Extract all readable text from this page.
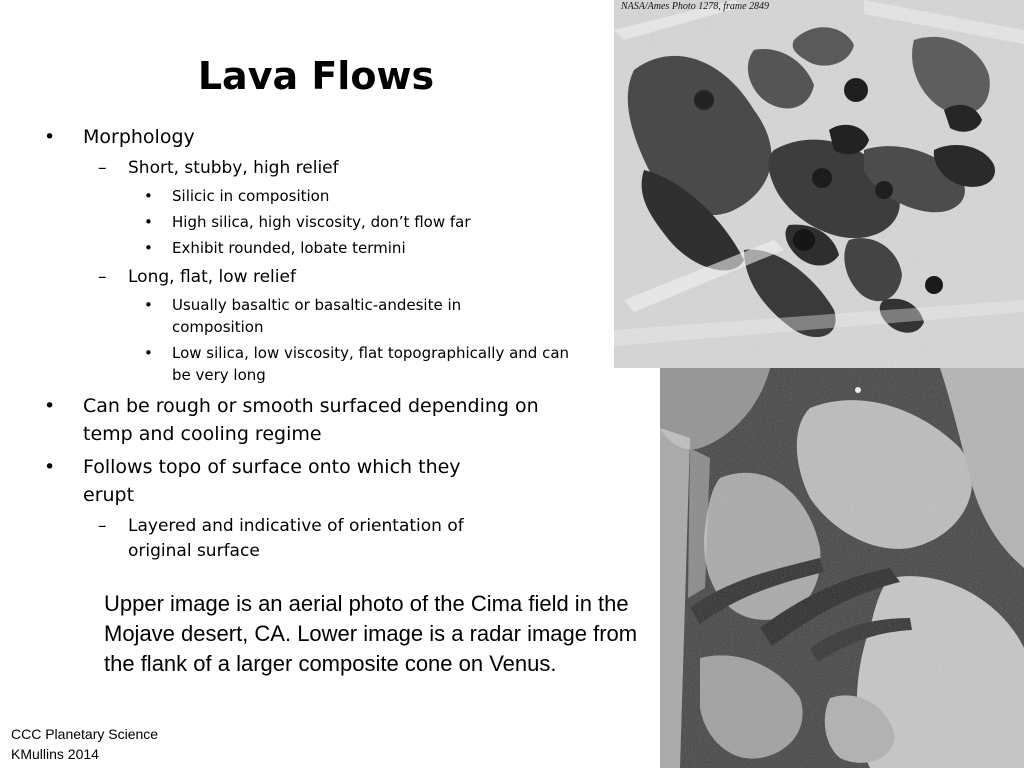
Lava Flows
• Morphology
– Short, stubby, high relief
• Silicic in composition
• High silica, high viscosity, don’t flow far
• Exhibit rounded, lobate termini
– Long, flat, low relief
• Usually basaltic or basaltic-andesite in composition
• Low silica, low viscosity, flat topographically and can be very long
• Can be rough or smooth surfaced depending on temp and cooling regime
• Follows topo of surface onto which they erupt
– Layered and indicative of orientation of original surface
Upper image is an aerial photo of the Cima field in the Mojave desert, CA. Lower image is a radar image from the flank of a larger composite cone on Venus.
CCC Planetary Science
KMullins 2014
NASA/Ames Photo 1278, frame 2849
